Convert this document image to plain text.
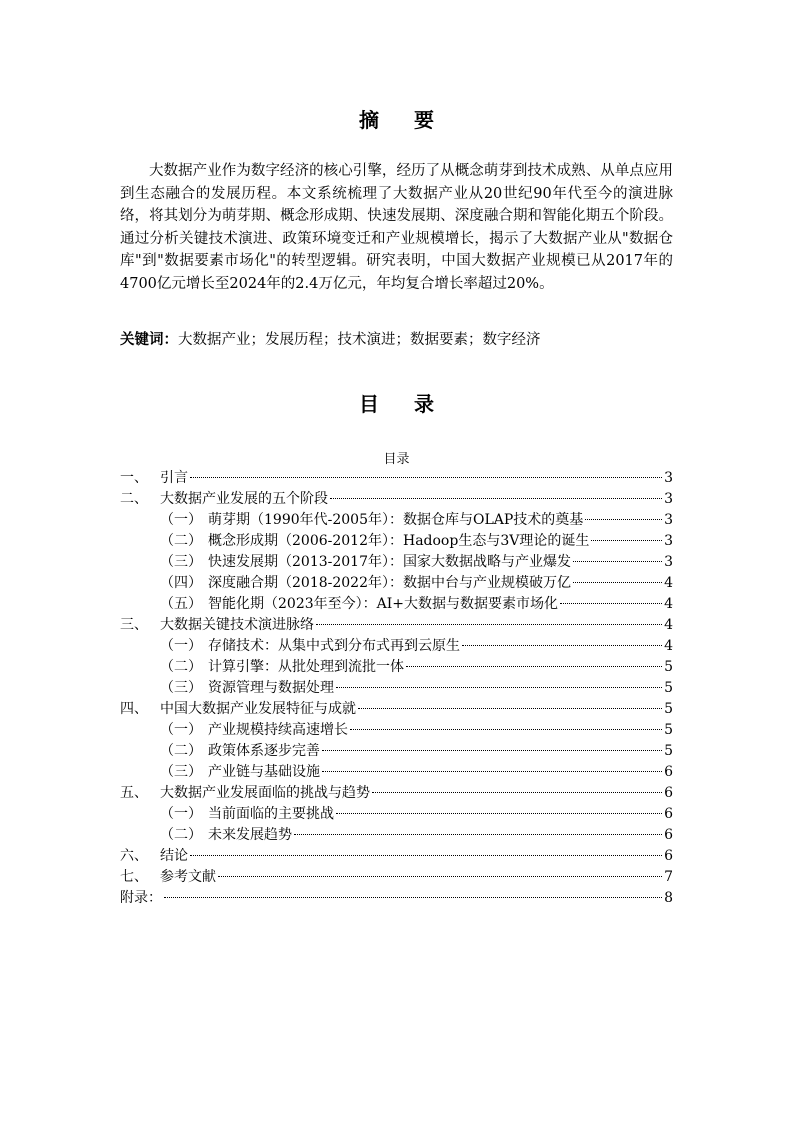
摘 要
大数据产业作为数字经济的核心引擎，经历了从概念萌芽到技术成熟、从单点应用到生态融合的发展历程。本文系统梳理了大数据产业从20世纪90年代至今的演进脉络，将其划分为萌芽期、概念形成期、快速发展期、深度融合期和智能化期五个阶段。通过分析关键技术演进、政策环境变迁和产业规模增长，揭示了大数据产业从"数据仓库"到"数据要素市场化"的转型逻辑。研究表明，中国大数据产业规模已从2017年的4700亿元增长至2024年的2.4万亿元，年均复合增长率超过20%。
关键词：大数据产业；发展历程；技术演进；数据要素；数字经济
目 录
目录
一、 引言	3
二、 大数据产业发展的五个阶段	3
（一） 萌芽期（1990年代-2005年）：数据仓库与OLAP技术的奠基	3
（二） 概念形成期（2006-2012年）：Hadoop生态与3V理论的诞生	3
（三） 快速发展期（2013-2017年）：国家大数据战略与产业爆发	3
（四） 深度融合期（2018-2022年）：数据中台与产业规模破万亿	4
（五） 智能化期（2023年至今）：AI+大数据与数据要素市场化	4
三、 大数据关键技术演进脉络	4
（一） 存储技术：从集中式到分布式再到云原生	4
（二） 计算引擎：从批处理到流批一体	5
（三） 资源管理与数据处理	5
四、 中国大数据产业发展特征与成就	5
（一） 产业规模持续高速增长	5
（二） 政策体系逐步完善	5
（三） 产业链与基础设施	6
五、 大数据产业发展面临的挑战与趋势	6
（一） 当前面临的主要挑战	6
（二） 未来发展趋势	6
六、 结论	6
七、 参考文献	7
附录：	8
